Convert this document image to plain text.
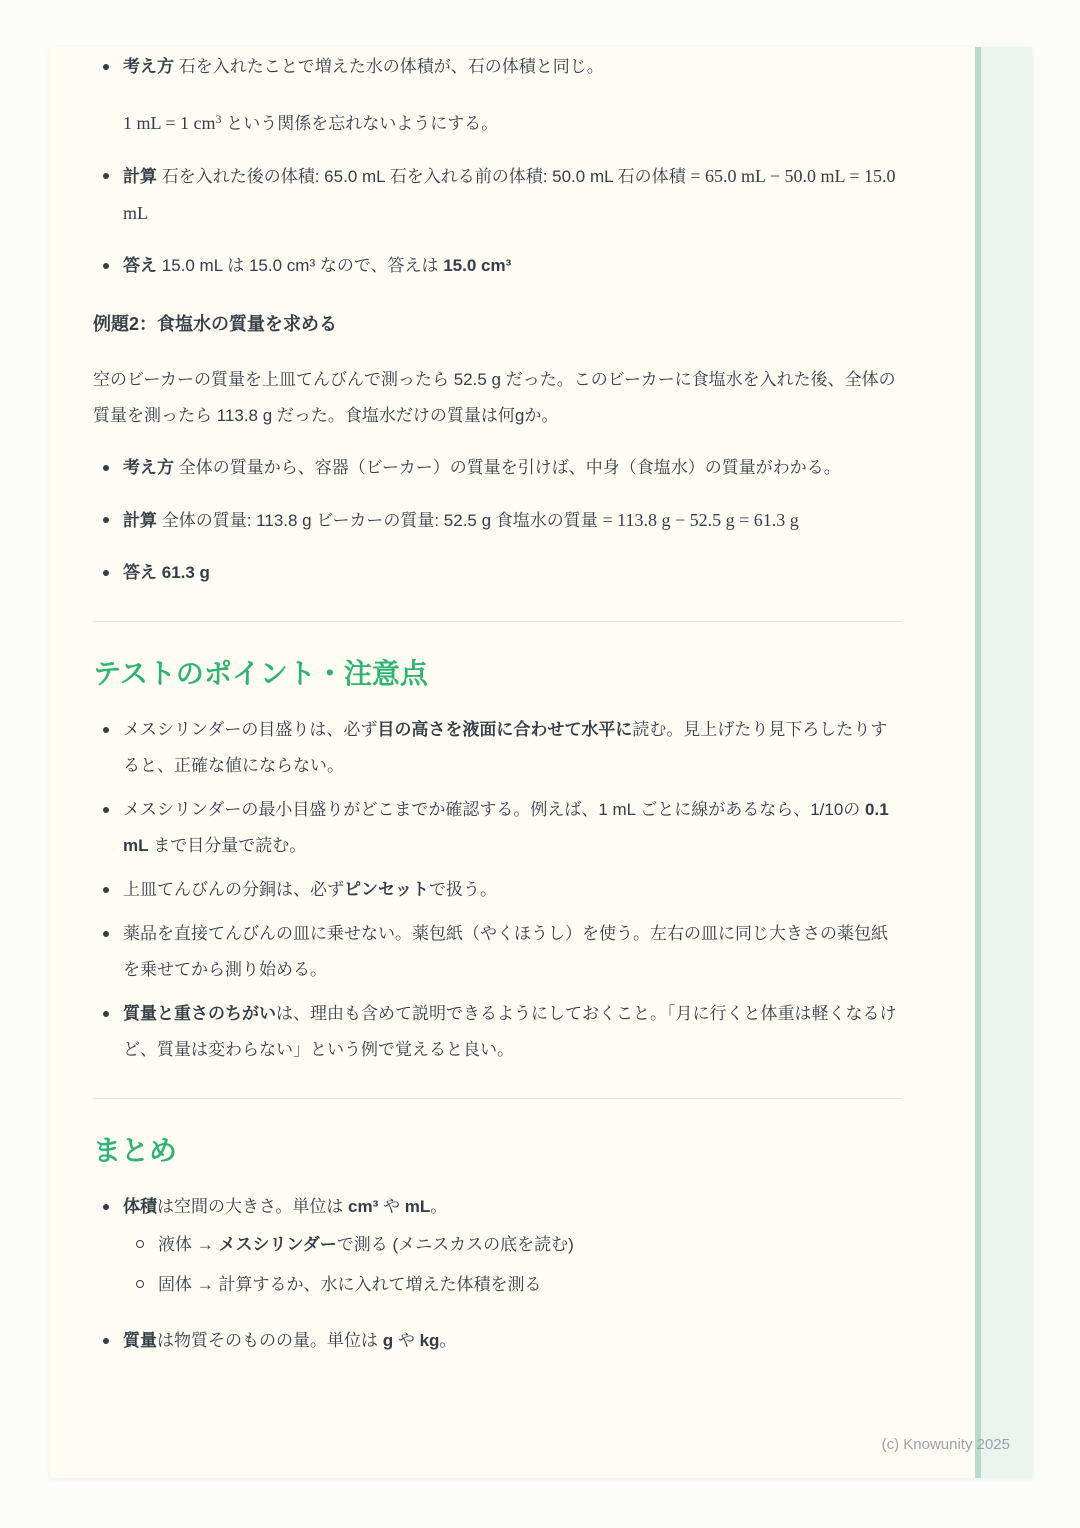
考え方 石を入れたことで増えた水の体積が、石の体積と同じ。
1 mL = 1 $cm^3$ という関係を忘れないようにする。
計算 石を入れた後の体積: 65.0 mL 石を入れる前の体積: 50.0 mL 石の体積 = 65.0 mL − 50.0 mL = 15.0 mL
答え 15.0 mL は 15.0 cm³ なので、答えは 15.0 cm³
例題2：食塩水の質量を求める

空のビーカーの質量を上皿てんびんで測ったら 52.5 g だった。このビーカーに食塩水を入れた後、全体の質量を測ったら 113.8 g だった。食塩水だけの質量は何gか。

考え方 全体の質量から、容器（ビーカー）の質量を引けば、中身（食塩水）の質量がわかる。
計算 全体の質量: 113.8 g ビーカーの質量: 52.5 g 食塩水の質量 = 113.8 g − 52.5 g = 61.3 g
答え 61.3 g
テストのポイント・注意点
メスシリンダーの目盛りは、必ず目の高さを液面に合わせて水平に読む。見上げたり見下ろしたりすると、正確な値にならない。
メスシリンダーの最小目盛りがどこまでか確認する。例えば、1 mL ごとに線があるなら、1/10の 0.1 mL まで目分量で読む。
上皿てんびんの分銅は、必ずピンセットで扱う。
薬品を直接てんびんの皿に乗せない。薬包紙（やくほうし）を使う。左右の皿に同じ大きさの薬包紙を乗せてから測り始める。
質量と重さのちがいは、理由も含めて説明できるようにしておくこと。「月に行くと体重は軽くなるけど、質量は変わらない」という例で覚えると良い。
まとめ
体積は空間の大きさ。単位は cm³ や mL。
液体 → メスシリンダーで測る (メニスカスの底を読む)
固体 → 計算するか、水に入れて増えた体積を測る
質量は物質そのものの量。単位は g や kg。
(c) Knowunity 2025
